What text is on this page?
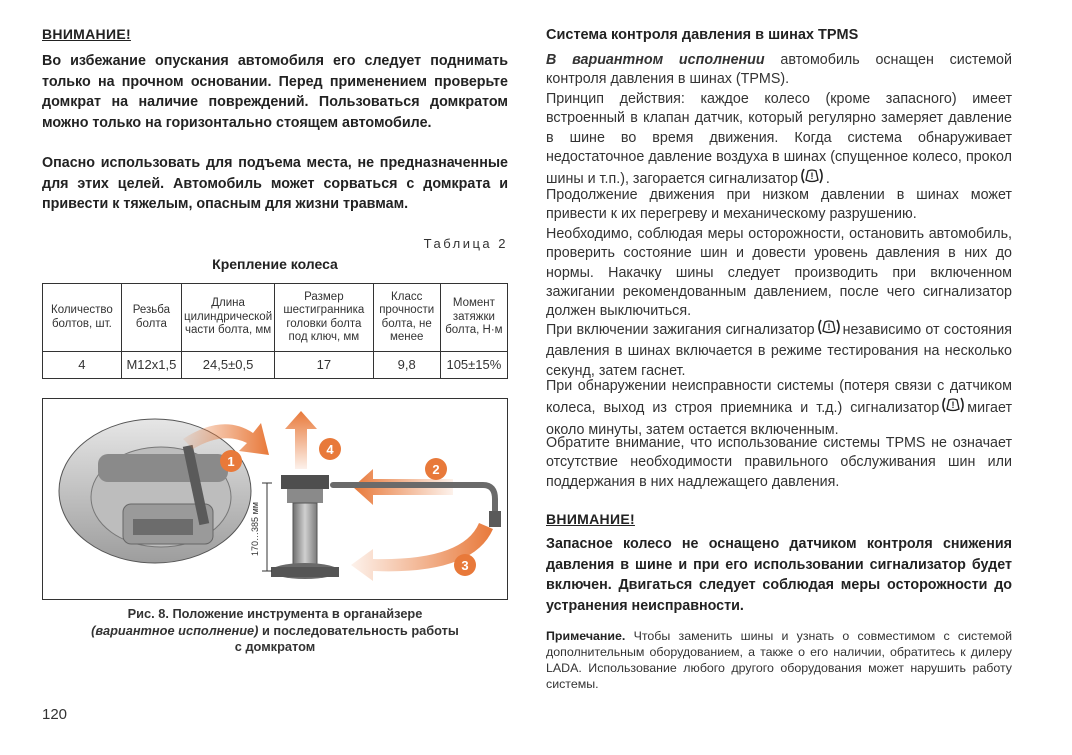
ВНИМАНИЕ!
Во избежание опускания автомобиля его следует поднимать только на прочном основании. Перед применением проверьте домкрат на наличие повреждений. Пользоваться домкратом можно только на горизонтально стоящем автомобиле.
Опасно использовать для подъема места, не предназначенные для этих целей. Автомобиль может сорваться с домкрата и привести к тяжелым, опасным для жизни травмам.
Таблица 2
Крепление колеса
Количество болтов, шт.	Резьба болта	Длина цилиндрической части болта, мм	Размер шестигранника головки болта под ключ, мм	Класс прочности болта, не менее	Момент затяжки болта, Н·м
4	M12x1,5	24,5±0,5	17	9,8	105±15%
1
4
170…385 мм
2
3
Рис. 8. Положение инструмента в органайзере
(вариантное исполнение) и последовательность работы
с домкратом
120
Система контроля давления в шинах TPMS
В вариантном исполнении автомобиль оснащен системой контроля давления в шинах (TPMS).
Принцип действия: каждое колесо (кроме запасного) имеет встроенный в клапан датчик, который регулярно замеряет давление в шине во время движения. Когда система обнаруживает недостаточное давление воздуха в шинах (спущенное колесо, прокол шины и т.п.), загорается сигнализатор ! .
Продолжение движения при низком давлении в шинах может привести к их перегреву и механическому разрушению.
Необходимо, соблюдая меры осторожности, остановить автомобиль, проверить состояние шин и довести уровень давления в них до нормы. Накачку шины следует производить при включенном зажигании рекомендованным давлением, после чего сигнализатор должен выключиться.
При включении зажигания сигнализатор ! независимо от состояния давления в шинах включается в режиме тестирования на несколько секунд, затем гаснет.
При обнаружении неисправности системы (потеря связи с датчиком колеса, выход из строя приемника и т.д.) сигнализатор ! мигает около минуты, затем остается включенным.
Обратите внимание, что использование системы TPMS не означает отсутствие необходимости правильного обслуживания шин или поддержания в них надлежащего давления.
ВНИМАНИЕ!
Запасное колесо не оснащено датчиком контроля снижения давления в шине и при его использовании сигнализатор будет включен. Двигаться следует соблюдая меры осторожности до устранения неисправности.
Примечание. Чтобы заменить шины и узнать о совместимом с системой дополнительным оборудованием, а также о его наличии, обратитесь к дилеру LADA. Использование любого другого оборудования может нарушить работу системы.
